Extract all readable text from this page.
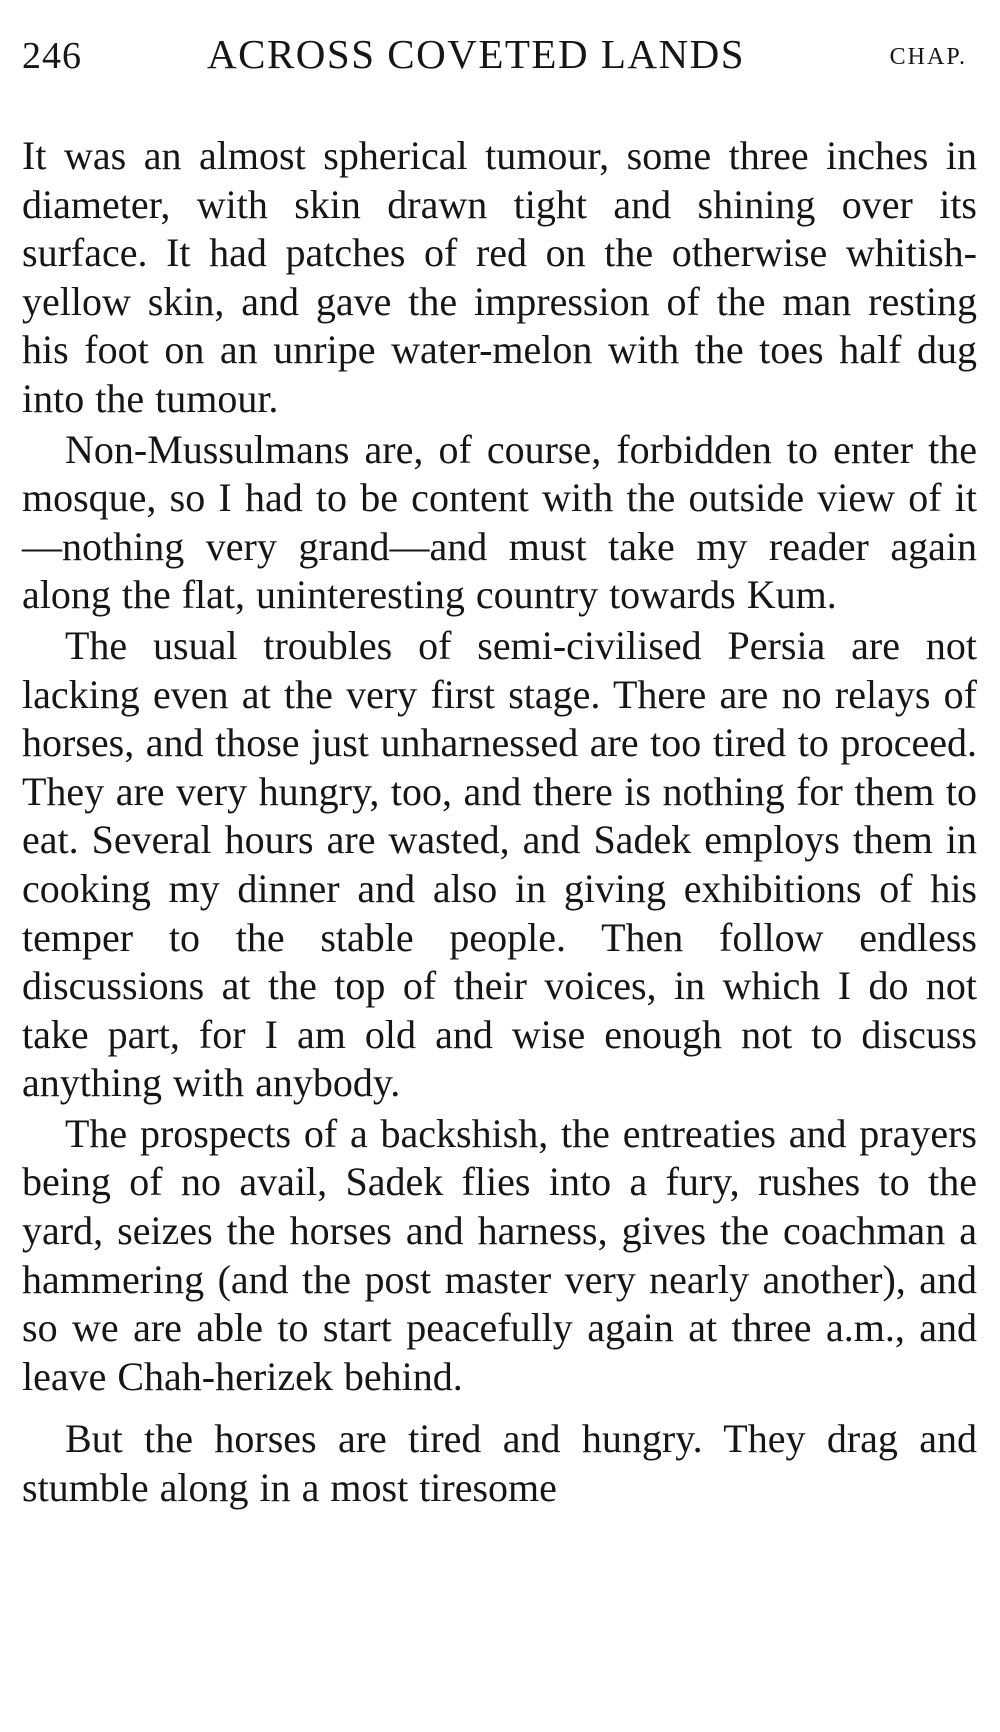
246	ACROSS COVETED LANDS	CHAP.

It was an almost spherical tumour, some three inches in diameter, with skin drawn tight and shining over its surface. It had patches of red on the otherwise whitish-yellow skin, and gave the impression of the man resting his foot on an unripe water-melon with the toes half dug into the tumour.

Non-Mussulmans are, of course, forbidden to enter the mosque, so I had to be content with the outside view of it—nothing very grand—and must take my reader again along the flat, uninteresting country towards Kum.

The usual troubles of semi-civilised Persia are not lacking even at the very first stage. There are no relays of horses, and those just unharnessed are too tired to proceed. They are very hungry, too, and there is nothing for them to eat. Several hours are wasted, and Sadek employs them in cooking my dinner and also in giving exhibitions of his temper to the stable people. Then follow endless discussions at the top of their voices, in which I do not take part, for I am old and wise enough not to discuss anything with anybody.

The prospects of a backshish, the entreaties and prayers being of no avail, Sadek flies into a fury, rushes to the yard, seizes the horses and harness, gives the coachman a hammering (and the post master very nearly another), and so we are able to start peacefully again at three a.m., and leave Chah-herizek behind.

But the horses are tired and hungry. They drag and stumble along in a most tiresome
